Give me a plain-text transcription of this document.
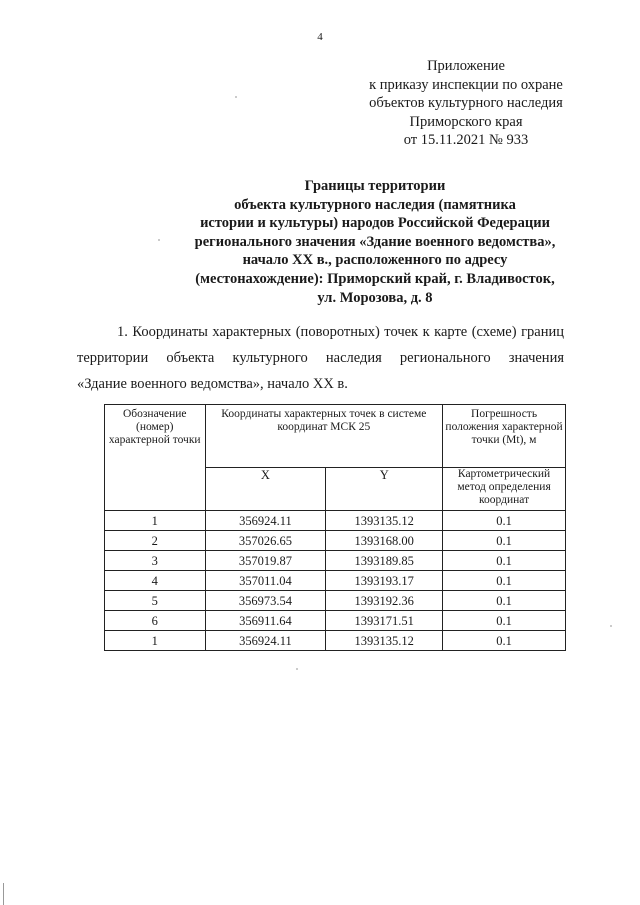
4
Приложение
к приказу инспекции по охране
объектов культурного наследия
Приморского края
от 15.11.2021 № 933
Границы территории
объекта культурного наследия (памятника
истории и культуры) народов Российской Федерации
регионального значения «Здание военного ведомства»,
начало XX в., расположенного по адресу
(местонахождение): Приморский край, г. Владивосток,
ул. Морозова, д. 8
1. Координаты характерных (поворотных) точек к карте (схеме) границ
территории объекта культурного наследия регионального значения
«Здание военного ведомства», начало XX в.
Обозначение (номер) характерной точки	Координаты характерных точек в системе координат МСК 25		Погрешность положения характерной точки (Mt), м
	X	Y	Картометрический метод определения координат
1	356924.11	1393135.12	0.1
2	357026.65	1393168.00	0.1
3	357019.87	1393189.85	0.1
4	357011.04	1393193.17	0.1
5	356973.54	1393192.36	0.1
6	356911.64	1393171.51	0.1
1	356924.11	1393135.12	0.1
